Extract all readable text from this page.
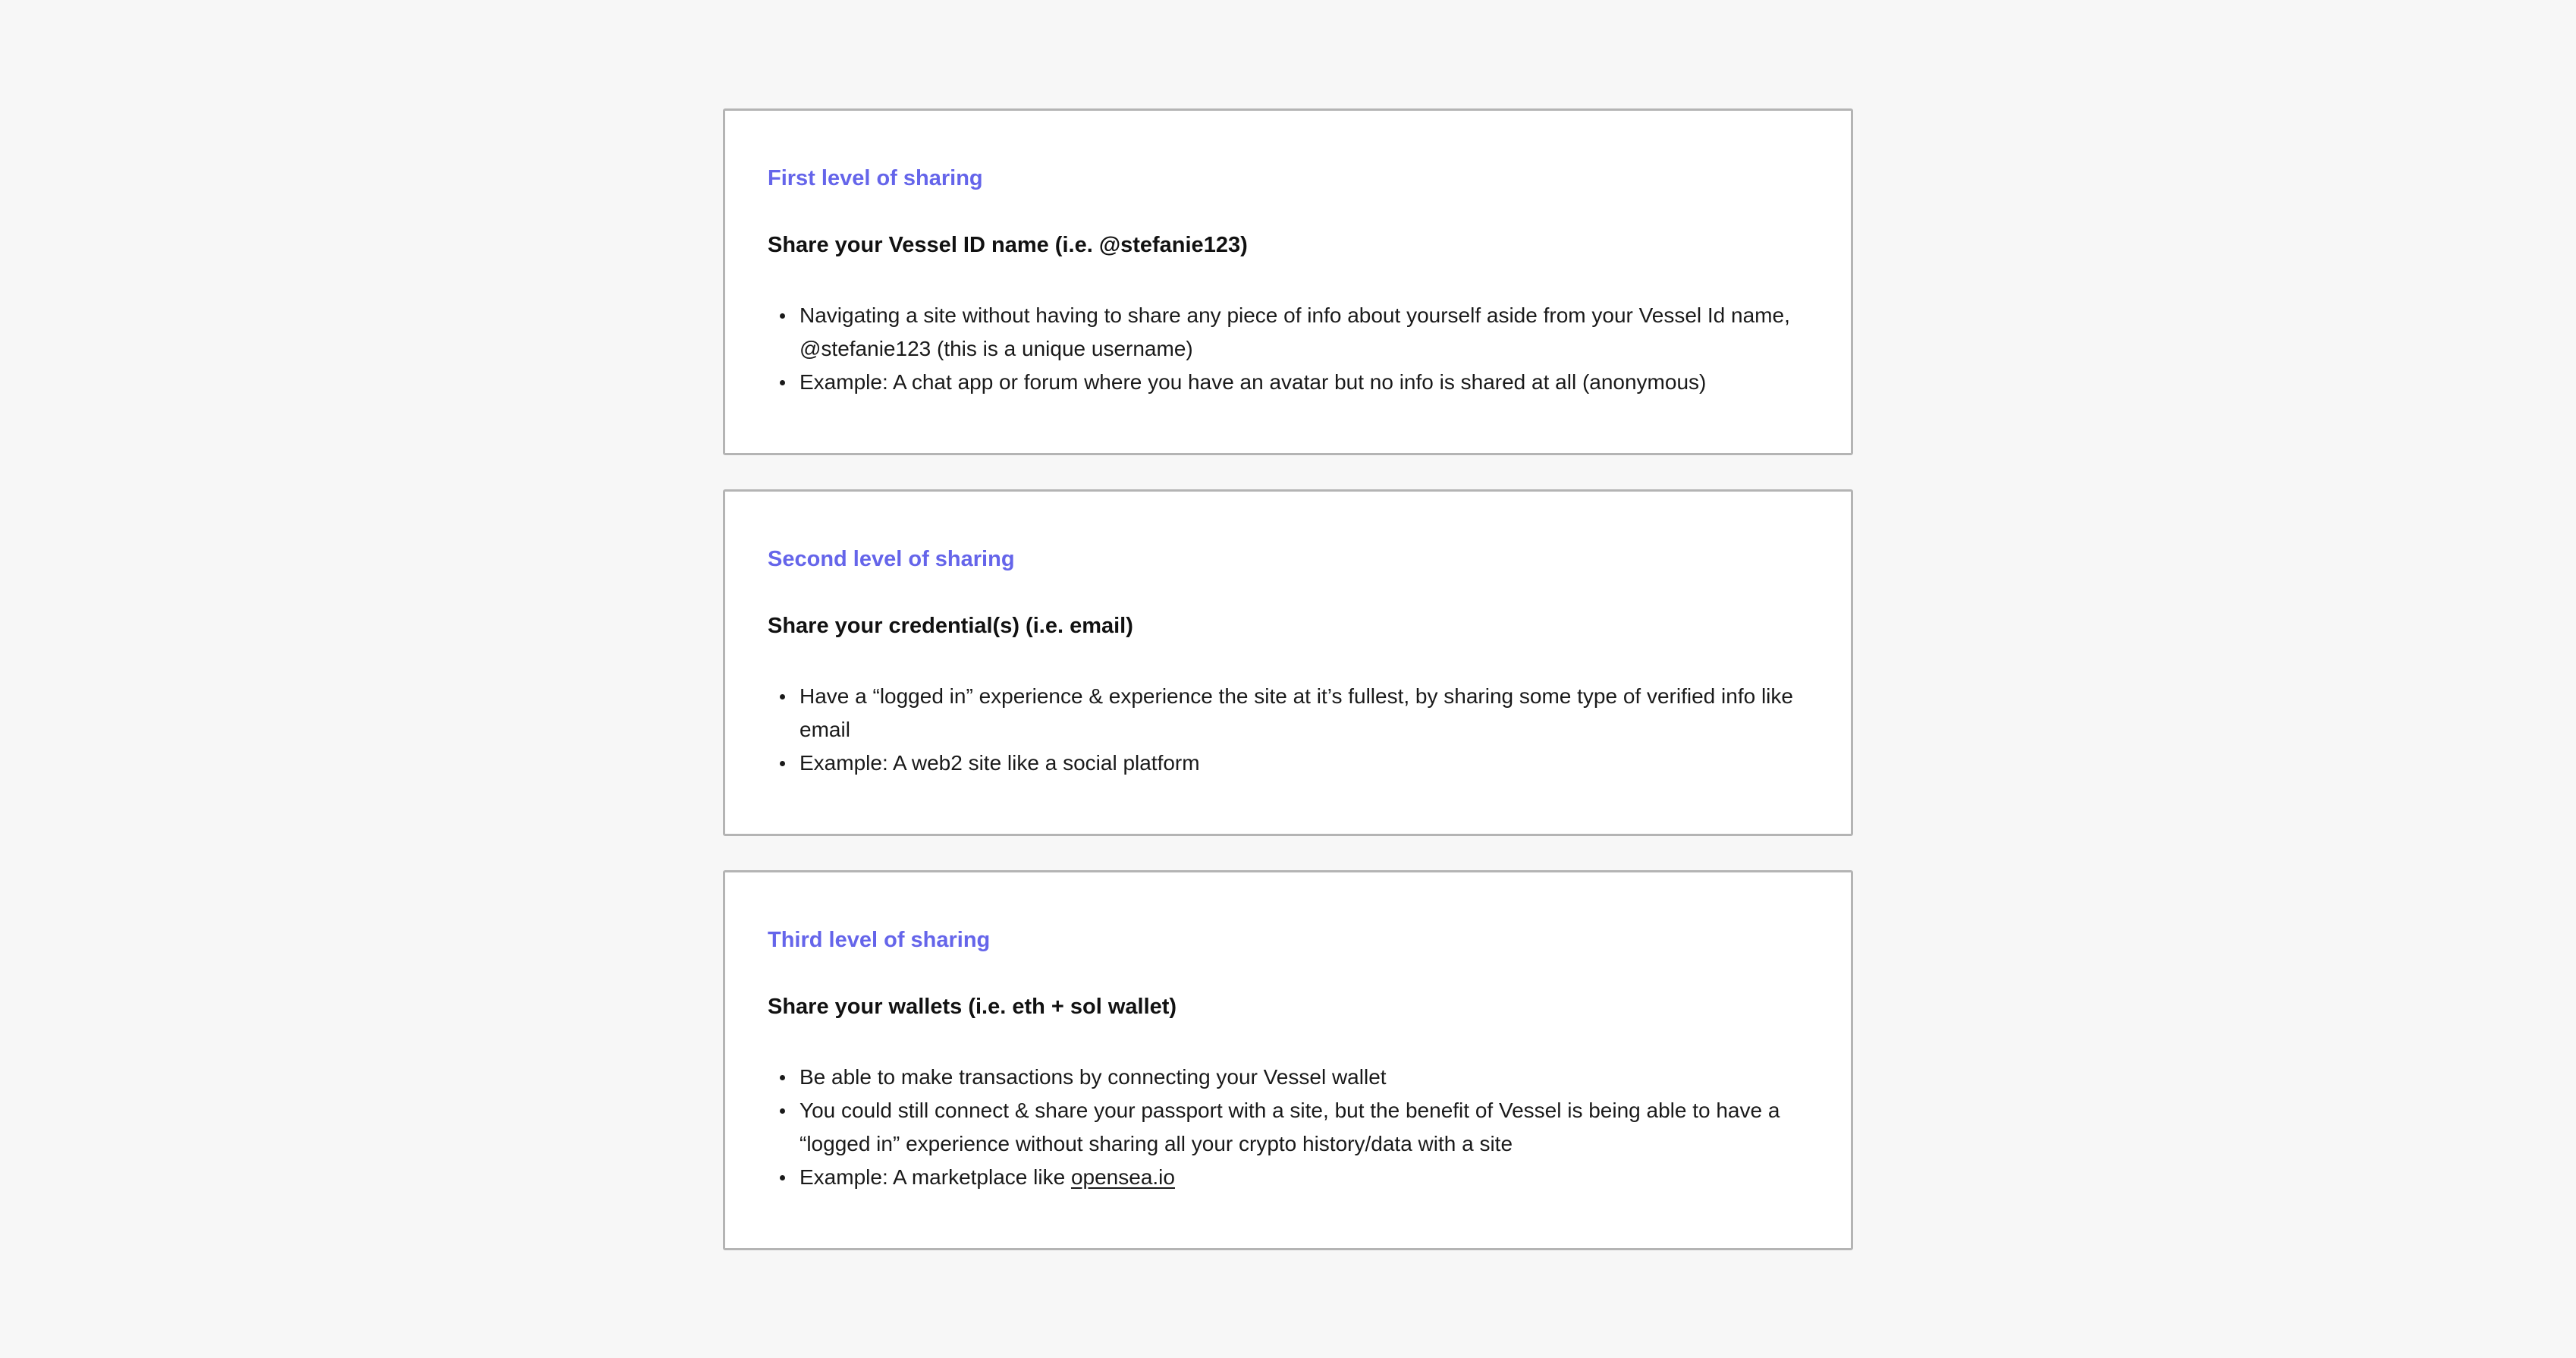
First level of sharing

Share your Vessel ID name (i.e. @stefanie123)

Navigating a site without having to share any piece of info about yourself aside from your Vessel Id name, @stefanie123 (this is a unique username)
Example: A chat app or forum where you have an avatar but no info is shared at all (anonymous)
Second level of sharing

Share your credential(s) (i.e. email)

Have a “logged in” experience & experience the site at it’s fullest, by sharing some type of verified info like email
Example: A web2 site like a social platform
Third level of sharing

Share your wallets (i.e. eth + sol wallet)

Be able to make transactions by connecting your Vessel wallet
You could still connect & share your passport with a site, but the benefit of Vessel is being able to have a “logged in” experience without sharing all your crypto history/data with a site
Example: A marketplace like opensea.io
